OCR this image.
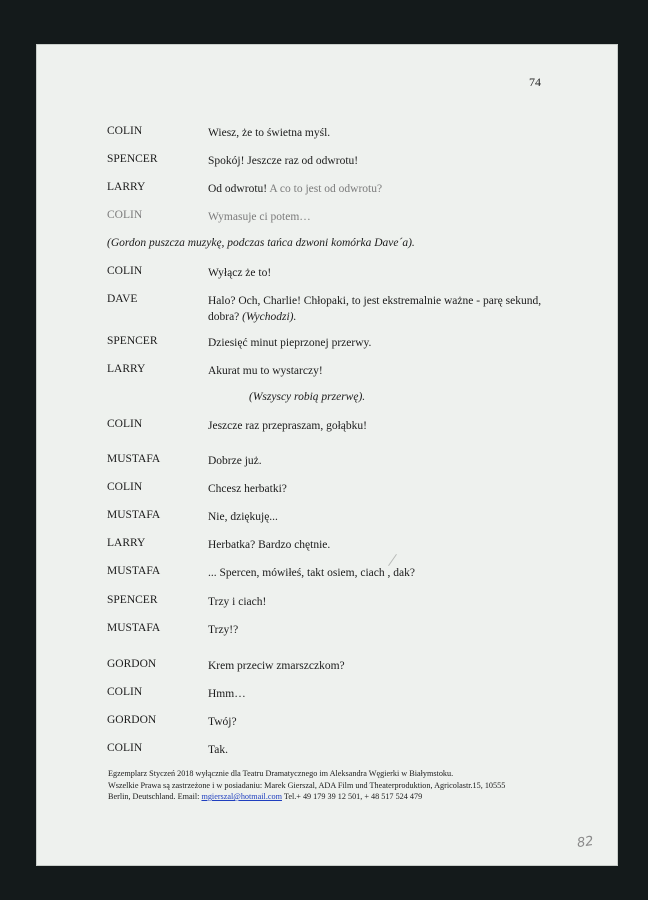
74
COLIN	Wiesz, że to świetna myśl.
SPENCER	Spokój! Jeszcze raz od odwrotu!
LARRY	Od odwrotu! A co to jest od odwrotu?
COLIN	Wymasuje ci potem…
(Gordon puszcza muzykę, podczas tańca dzwoni komórka Dave´a).
COLIN	Wyłącz że to!
DAVE	Halo? Och, Charlie! Chłopaki, to jest ekstremalnie ważne - parę sekund, dobra? (Wychodzi).
SPENCER	Dziesięć minut pieprzonej przerwy.
LARRY	Akurat mu to wystarczy!
(Wszyscy robią przerwę).
COLIN	Jeszcze raz przepraszam, gołąbku!
MUSTAFA	Dobrze już.
COLIN	Chcesz herbatki?
MUSTAFA	Nie, dziękuję...
LARRY	Herbatka? Bardzo chętnie.
MUSTAFA	... Spercen, mówiłeś, takt osiem, ciach , dak?
SPENCER	Trzy i ciach!
MUSTAFA	Trzy!?
GORDON	Krem przeciw zmarszczkom?
COLIN	Hmm…
GORDON	Twój?
COLIN	Tak.
Egzemplarz Styczeń 2018 wyłącznie dla Teatru Dramatycznego im Aleksandra Węgierki w Białymstoku.
Wszelkie Prawa są zastrzeżone i w posiadaniu: Marek Gierszal, ADA Film und Theaterproduktion, Agricolastr.15, 10555
Berlin, Deutschland. Email: mgierszal@hotmail.com Tel.+ 49 179 39 12 501, + 48 517 524 479
82
